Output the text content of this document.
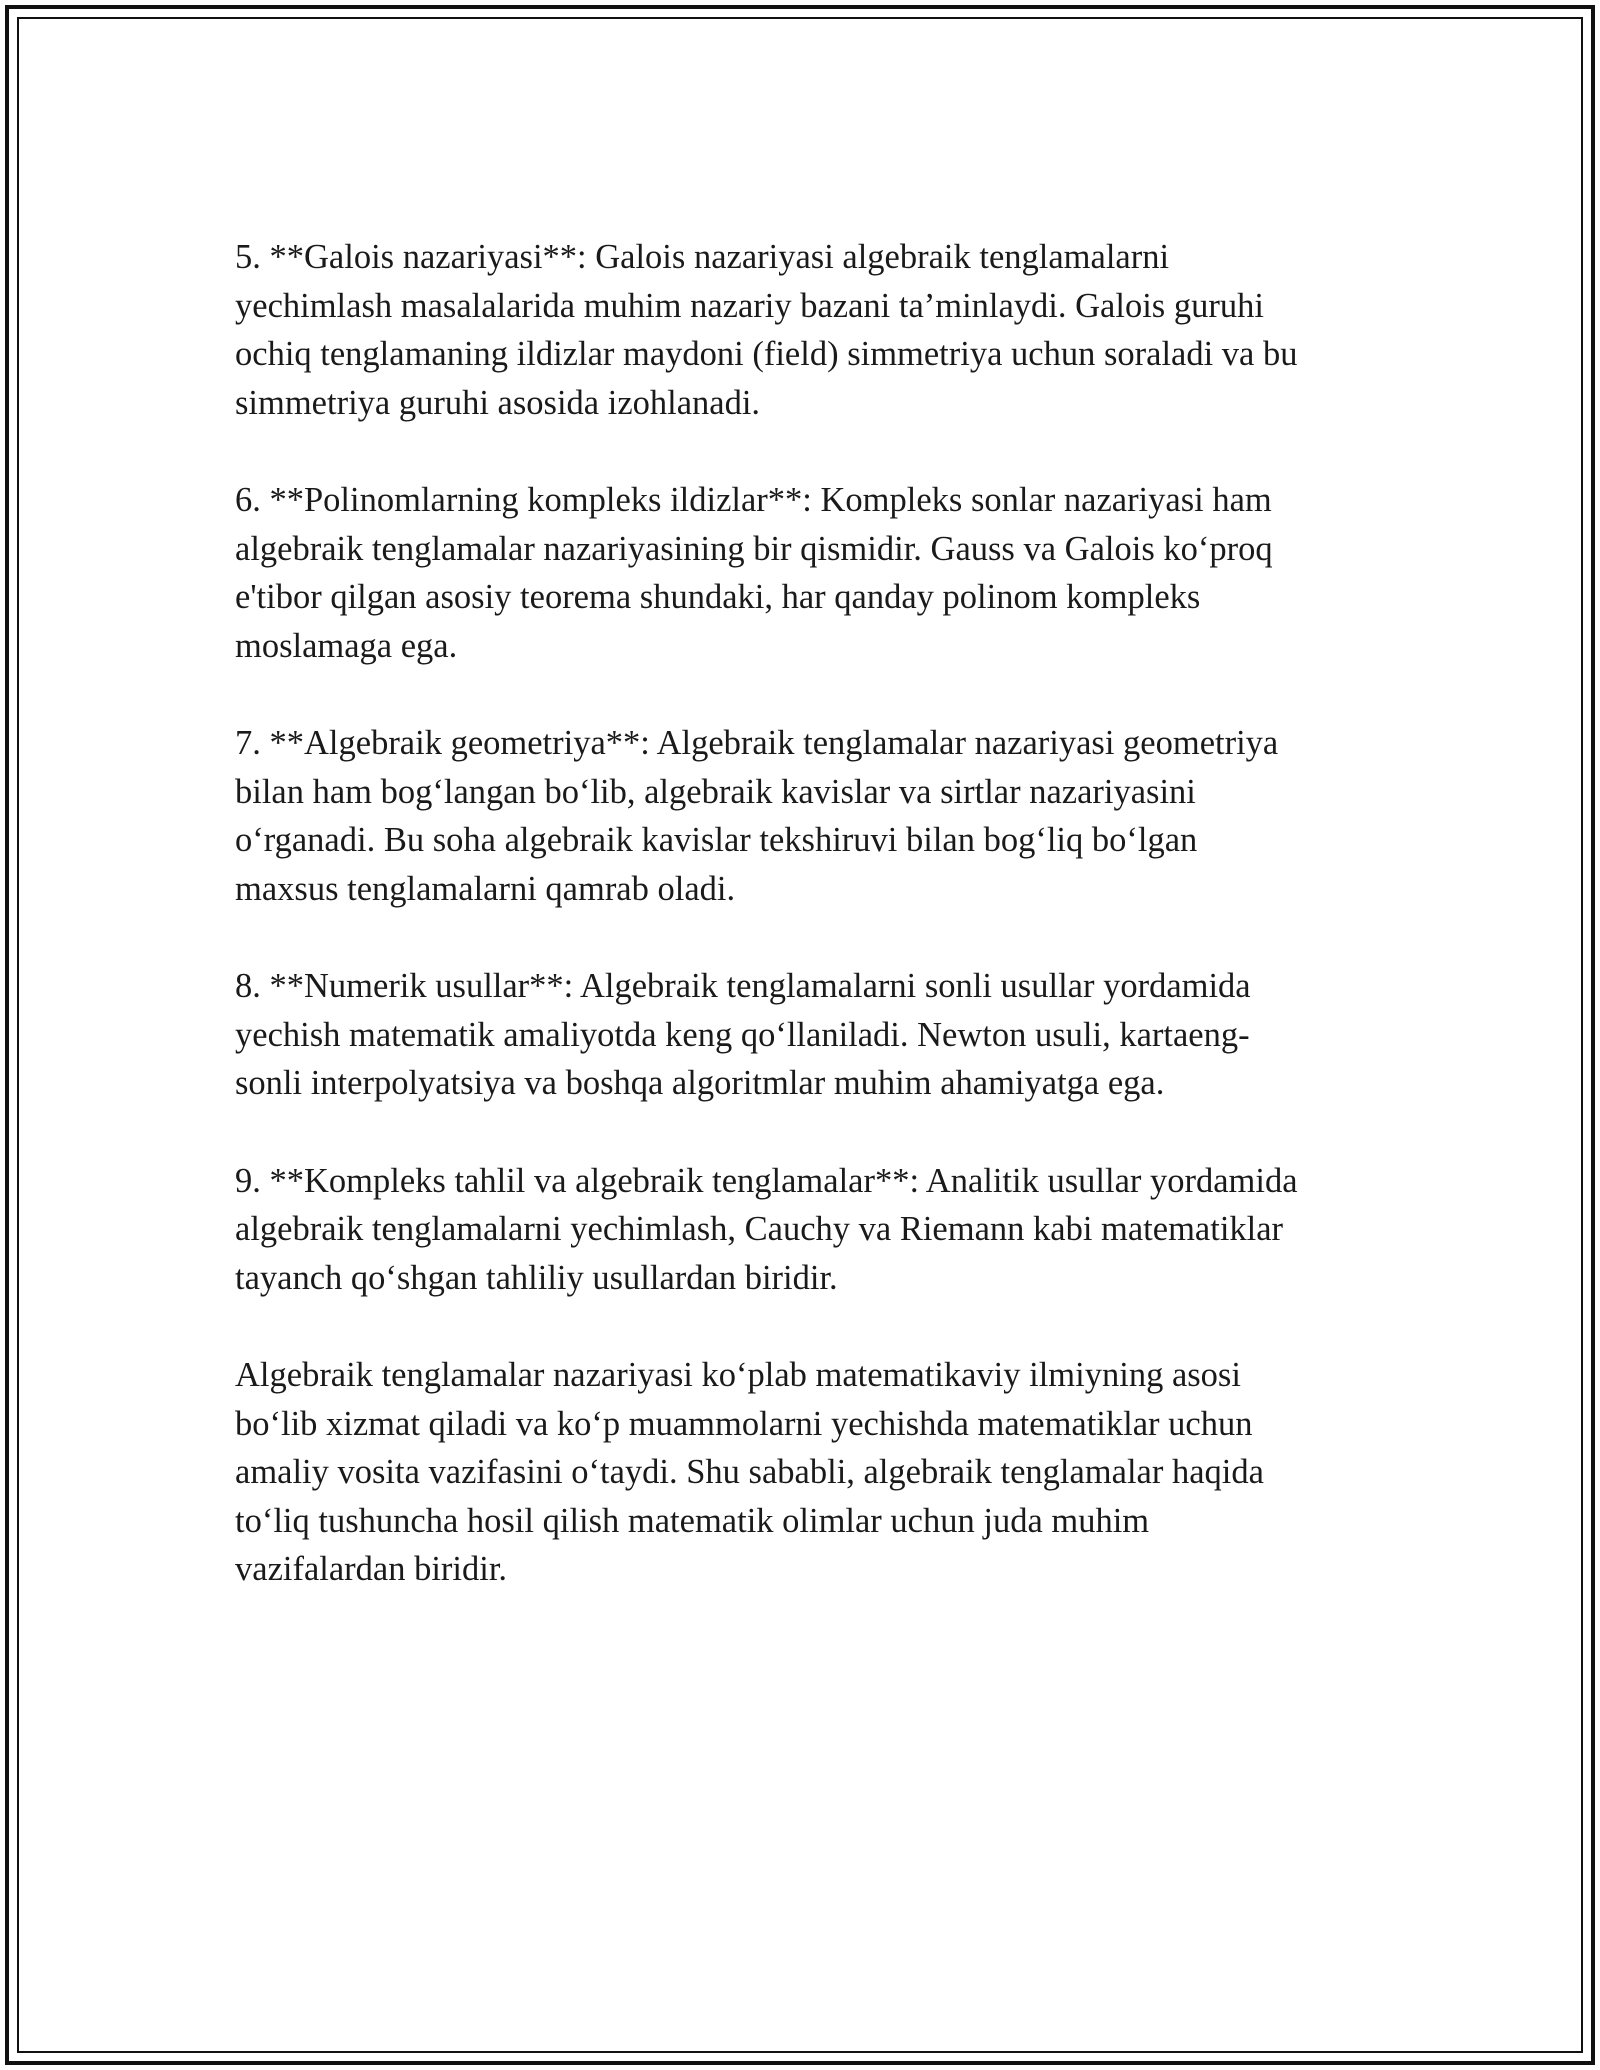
5. **Galois nazariyasi**: Galois nazariyasi algebraik tenglamalarni
yechimlash masalalarida muhim nazariy bazani ta’minlaydi. Galois guruhi
ochiq tenglamaning ildizlar maydoni (field) simmetriya uchun soraladi va bu
simmetriya guruhi asosida izohlanadi.

6. **Polinomlarning kompleks ildizlar**: Kompleks sonlar nazariyasi ham
algebraik tenglamalar nazariyasining bir qismidir. Gauss va Galois ko‘proq
e'tibor qilgan asosiy teorema shundaki, har qanday polinom kompleks
moslamaga ega.

7. **Algebraik geometriya**: Algebraik tenglamalar nazariyasi geometriya
bilan ham bog‘langan bo‘lib, algebraik kavislar va sirtlar nazariyasini
o‘rganadi. Bu soha algebraik kavislar tekshiruvi bilan bog‘liq bo‘lgan
maxsus tenglamalarni qamrab oladi.

8. **Numerik usullar**: Algebraik tenglamalarni sonli usullar yordamida
yechish matematik amaliyotda keng qo‘llaniladi. Newton usuli, kartaeng-
sonli interpolyatsiya va boshqa algoritmlar muhim ahamiyatga ega.

9. **Kompleks tahlil va algebraik tenglamalar**: Analitik usullar yordamida
algebraik tenglamalarni yechimlash, Cauchy va Riemann kabi matematiklar
tayanch qo‘shgan tahliliy usullardan biridir.

Algebraik tenglamalar nazariyasi ko‘plab matematikaviy ilmiyning asosi
bo‘lib xizmat qiladi va ko‘p muammolarni yechishda matematiklar uchun
amaliy vosita vazifasini o‘taydi. Shu sababli, algebraik tenglamalar haqida
to‘liq tushuncha hosil qilish matematik olimlar uchun juda muhim
vazifalardan biridir.
